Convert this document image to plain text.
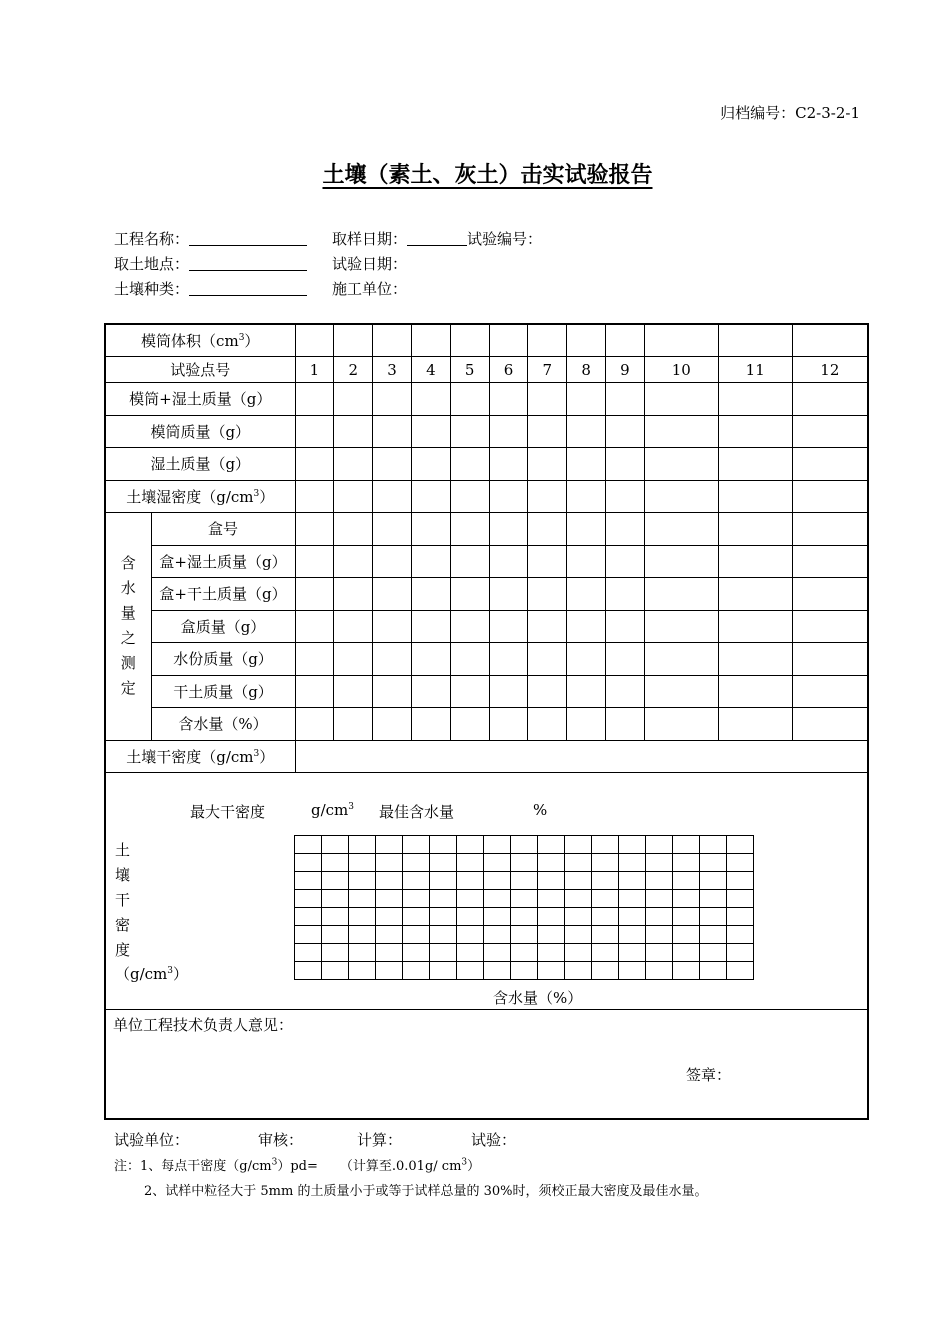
归档编号：C2-3-2-1
土壤（素土、灰土）击实试验报告
工程名称：	取样日期：	试验编号：
取土地点：	试验日期：
土壤种类：	施工单位：
模筒体积$(cm^3)$												
试验点号	1	2	3	4	5	6	7	8	9	10	11	12
模筒+湿土质量（g）												
模筒质量（g）												
湿土质量（g）												
土壤湿密度$(g/cm^3)$												
含
水
量
之
测
定	盒号												
盒+湿土质量（g）												
盒+干土质量（g）												
盒质量（g）												
水份质量（g）												
干土质量（g）												
含水量（%）												
土壤干密度$(g/cm^3)$	

最大干密度	$g/cm^3$ 最佳含水量	%
土
壤
干
密
度
$(g/cm^3)$
含水量（%）

单位工程技术负责人意见：
签章：
试验单位：	审核：	计算：	试验：
注：1、每点干密度$(g/cm^3)pd=$ （计算至.0.01g/ $cm^3$）
2、试样中粒径大于 5mm 的土质量小于或等于试样总量的 30%时，须校正最大密度及最佳水量。
